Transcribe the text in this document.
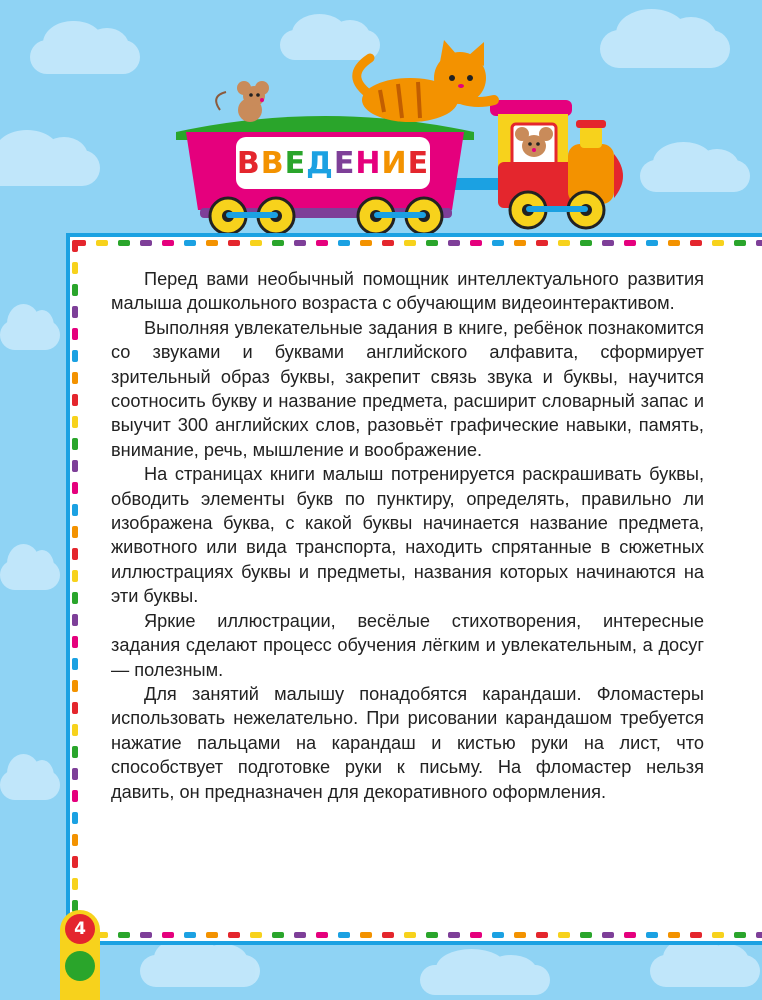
В В Е Д Е Н И Е

Перед вами необычный помощник интеллектуального развития малыша дошкольного возраста с обучающим видеоинтерактивом.

Выполняя увлекательные задания в книге, ребёнок познакомится со звуками и буквами английского алфавита, сформирует зрительный образ буквы, закрепит связь звука и буквы, научится соотносить букву и название предмета, расширит словарный запас и выучит 300 английских слов, разовьёт графические навыки, память, внимание, речь, мышление и воображение.

На страницах книги малыш потренируется раскрашивать буквы, обводить элементы букв по пунктиру, определять, правильно ли изображена буква, с какой буквы начинается название предмета, животного или вида транспорта, находить спрятанные в сюжетных иллюстрациях буквы и предметы, названия которых начинаются на эти буквы.

Яркие иллюстрации, весёлые стихотворения, интересные задания сделают процесс обучения лёгким и увлекательным, а досуг — полезным.

Для занятий малышу понадобятся карандаши. Фломастеры использовать нежелательно. При рисовании карандашом требуется нажатие пальцами на карандаш и кистью руки на лист, что способствует подготовке руки к письму. На фломастер нельзя давить, он предназначен для декоративного оформления.

4
